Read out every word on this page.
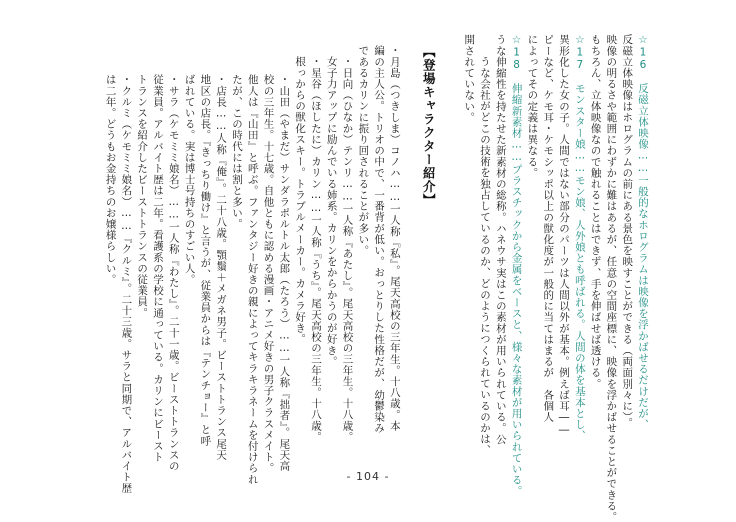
☆16　反磁立体映像……一般的なホログラムは映像を浮かばせるだけだが、
反磁立体映像はホログラムの前にある景色を映すことができる（両面別々に）。
映像の明るさや範囲にわずかに難はあるが、任意の空間座標に、映像を浮かばせることができる。
もちろん、立体映像なので触れることはできず、手を伸ばせば透ける。
☆17　モンスター娘……モン娘、人外娘とも呼ばれる。人間の体を基本とし、
異形化した女の子。人間ではない部分のパーツは人間以外が基本。例えば耳――
ピーなど、ケモ耳・ケモシッポ以上の獣化度が一般的に当てはまるが　各個人
によってその定義は異なる。
☆18　伸縮新素材……プラスチックから金属をベースと、様々な素材が用いられている。
うな伸縮性を持たせた新素材の総称。ハネウサ実はこの素材が用いられている。公
うな会社がどこの技術を独占しているのか、どのようにつくられているのかは、
開されていない。
【登場キャラクター紹介】
・月島（つきしま）コノハ……一人称『私』。尾天高校の三年生。十八歳。本
編の主人公。トリオの中で、一番背が低い。おっとりした性格だが、幼鬱染み
であるカリンに振り回されることが多い。
・日向（ひなか）テンリ……一人称『あたし』。尾天高校の三年生。十八歳。
女子力アップに励んでいる姉系。カリンをからかうのが好き。
・星谷（ほしたに）カリン……一人称『うち』。尾天高校の三年生。十八歳。
根っからの獣化スキー。トラブルメーカー。カメラ好き。
・山田（やまだ）サンダラポルトル太郎（たろう）……一人称『拙者』。尾天高
校の三年生。十七歳。自他ともに認める漫画・アニメ好きの男子クラスメイト。
他人は『山田』と呼ぶ。ファンタジー好きの親によってキラキラネームを付けられ
たが、この時代には割と多い。
・店長……人称『俺』。二十八歳。顎鬚＋メガネ男子。ビーストトランス尾天
地区の店長。『きっちり働け』と言うが、従業員からは『テンチョー』と呼
ばれている。実は博士号持ちのすごい人。
・サラ（ケモミミ娘名）……一人称『わたし』。二十一歳。ビーストトランスの
従業員。アルバイト歴は二年。看護系の学校に通っている。カリンにビースト
トランスを紹介したビーストトランスの従業員。
・クルミ（ケモミミ娘名）……『クルミ』。二十三歳。サラと同期で、アルバイト歴
は二年。どうもお金持ちのお嬢様らしい。
- 104 -
